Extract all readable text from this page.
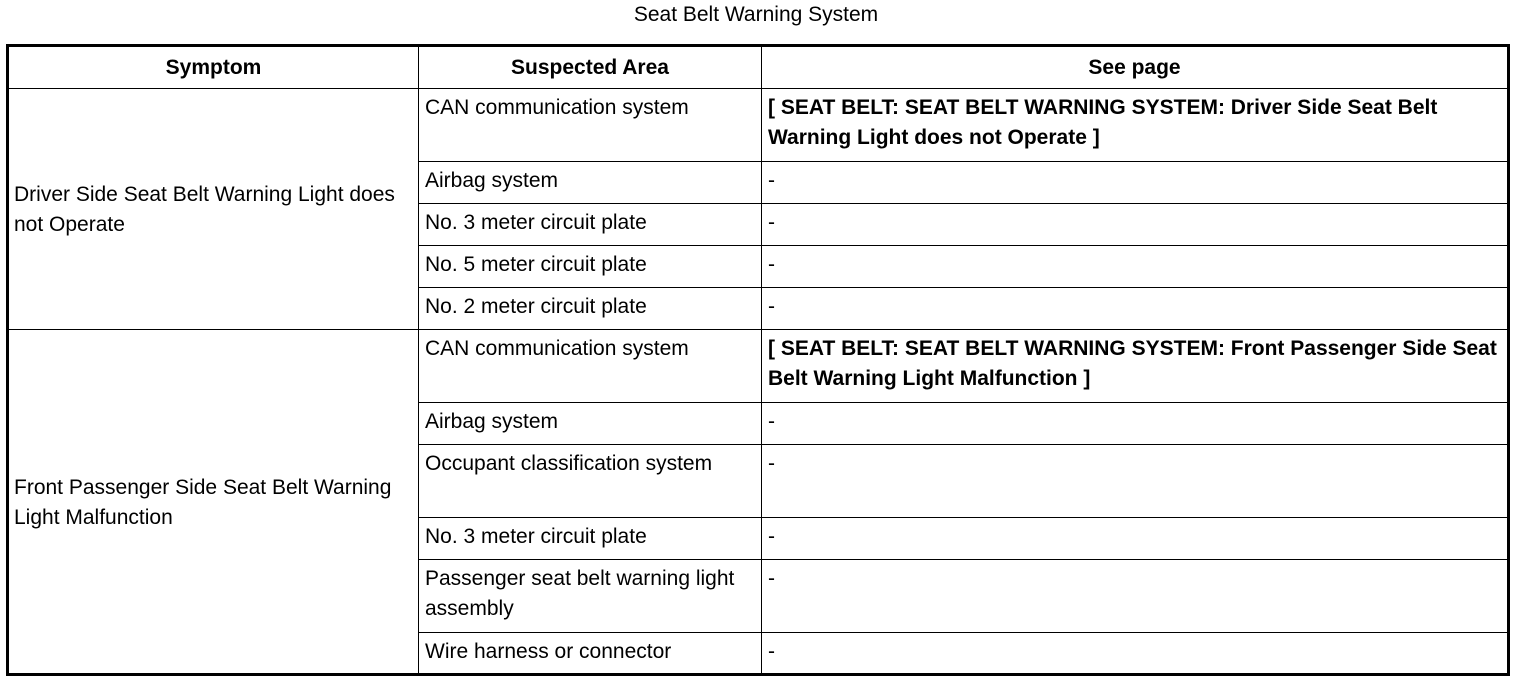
Seat Belt Warning System
Symptom	Suspected Area	See page
Driver Side Seat Belt Warning Light does not Operate	CAN communication system	[ SEAT BELT: SEAT BELT WARNING SYSTEM: Driver Side Seat Belt Warning Light does not Operate ]
	Airbag system	-
	No. 3 meter circuit plate	-
	No. 5 meter circuit plate	-
	No. 2 meter circuit plate	-
Front Passenger Side Seat Belt Warning Light Malfunction	CAN communication system	[ SEAT BELT: SEAT BELT WARNING SYSTEM: Front Passenger Side Seat Belt Warning Light Malfunction ]
	Airbag system	-
	Occupant classification system	-
	No. 3 meter circuit plate	-
	Passenger seat belt warning light assembly	-
	Wire harness or connector	-
